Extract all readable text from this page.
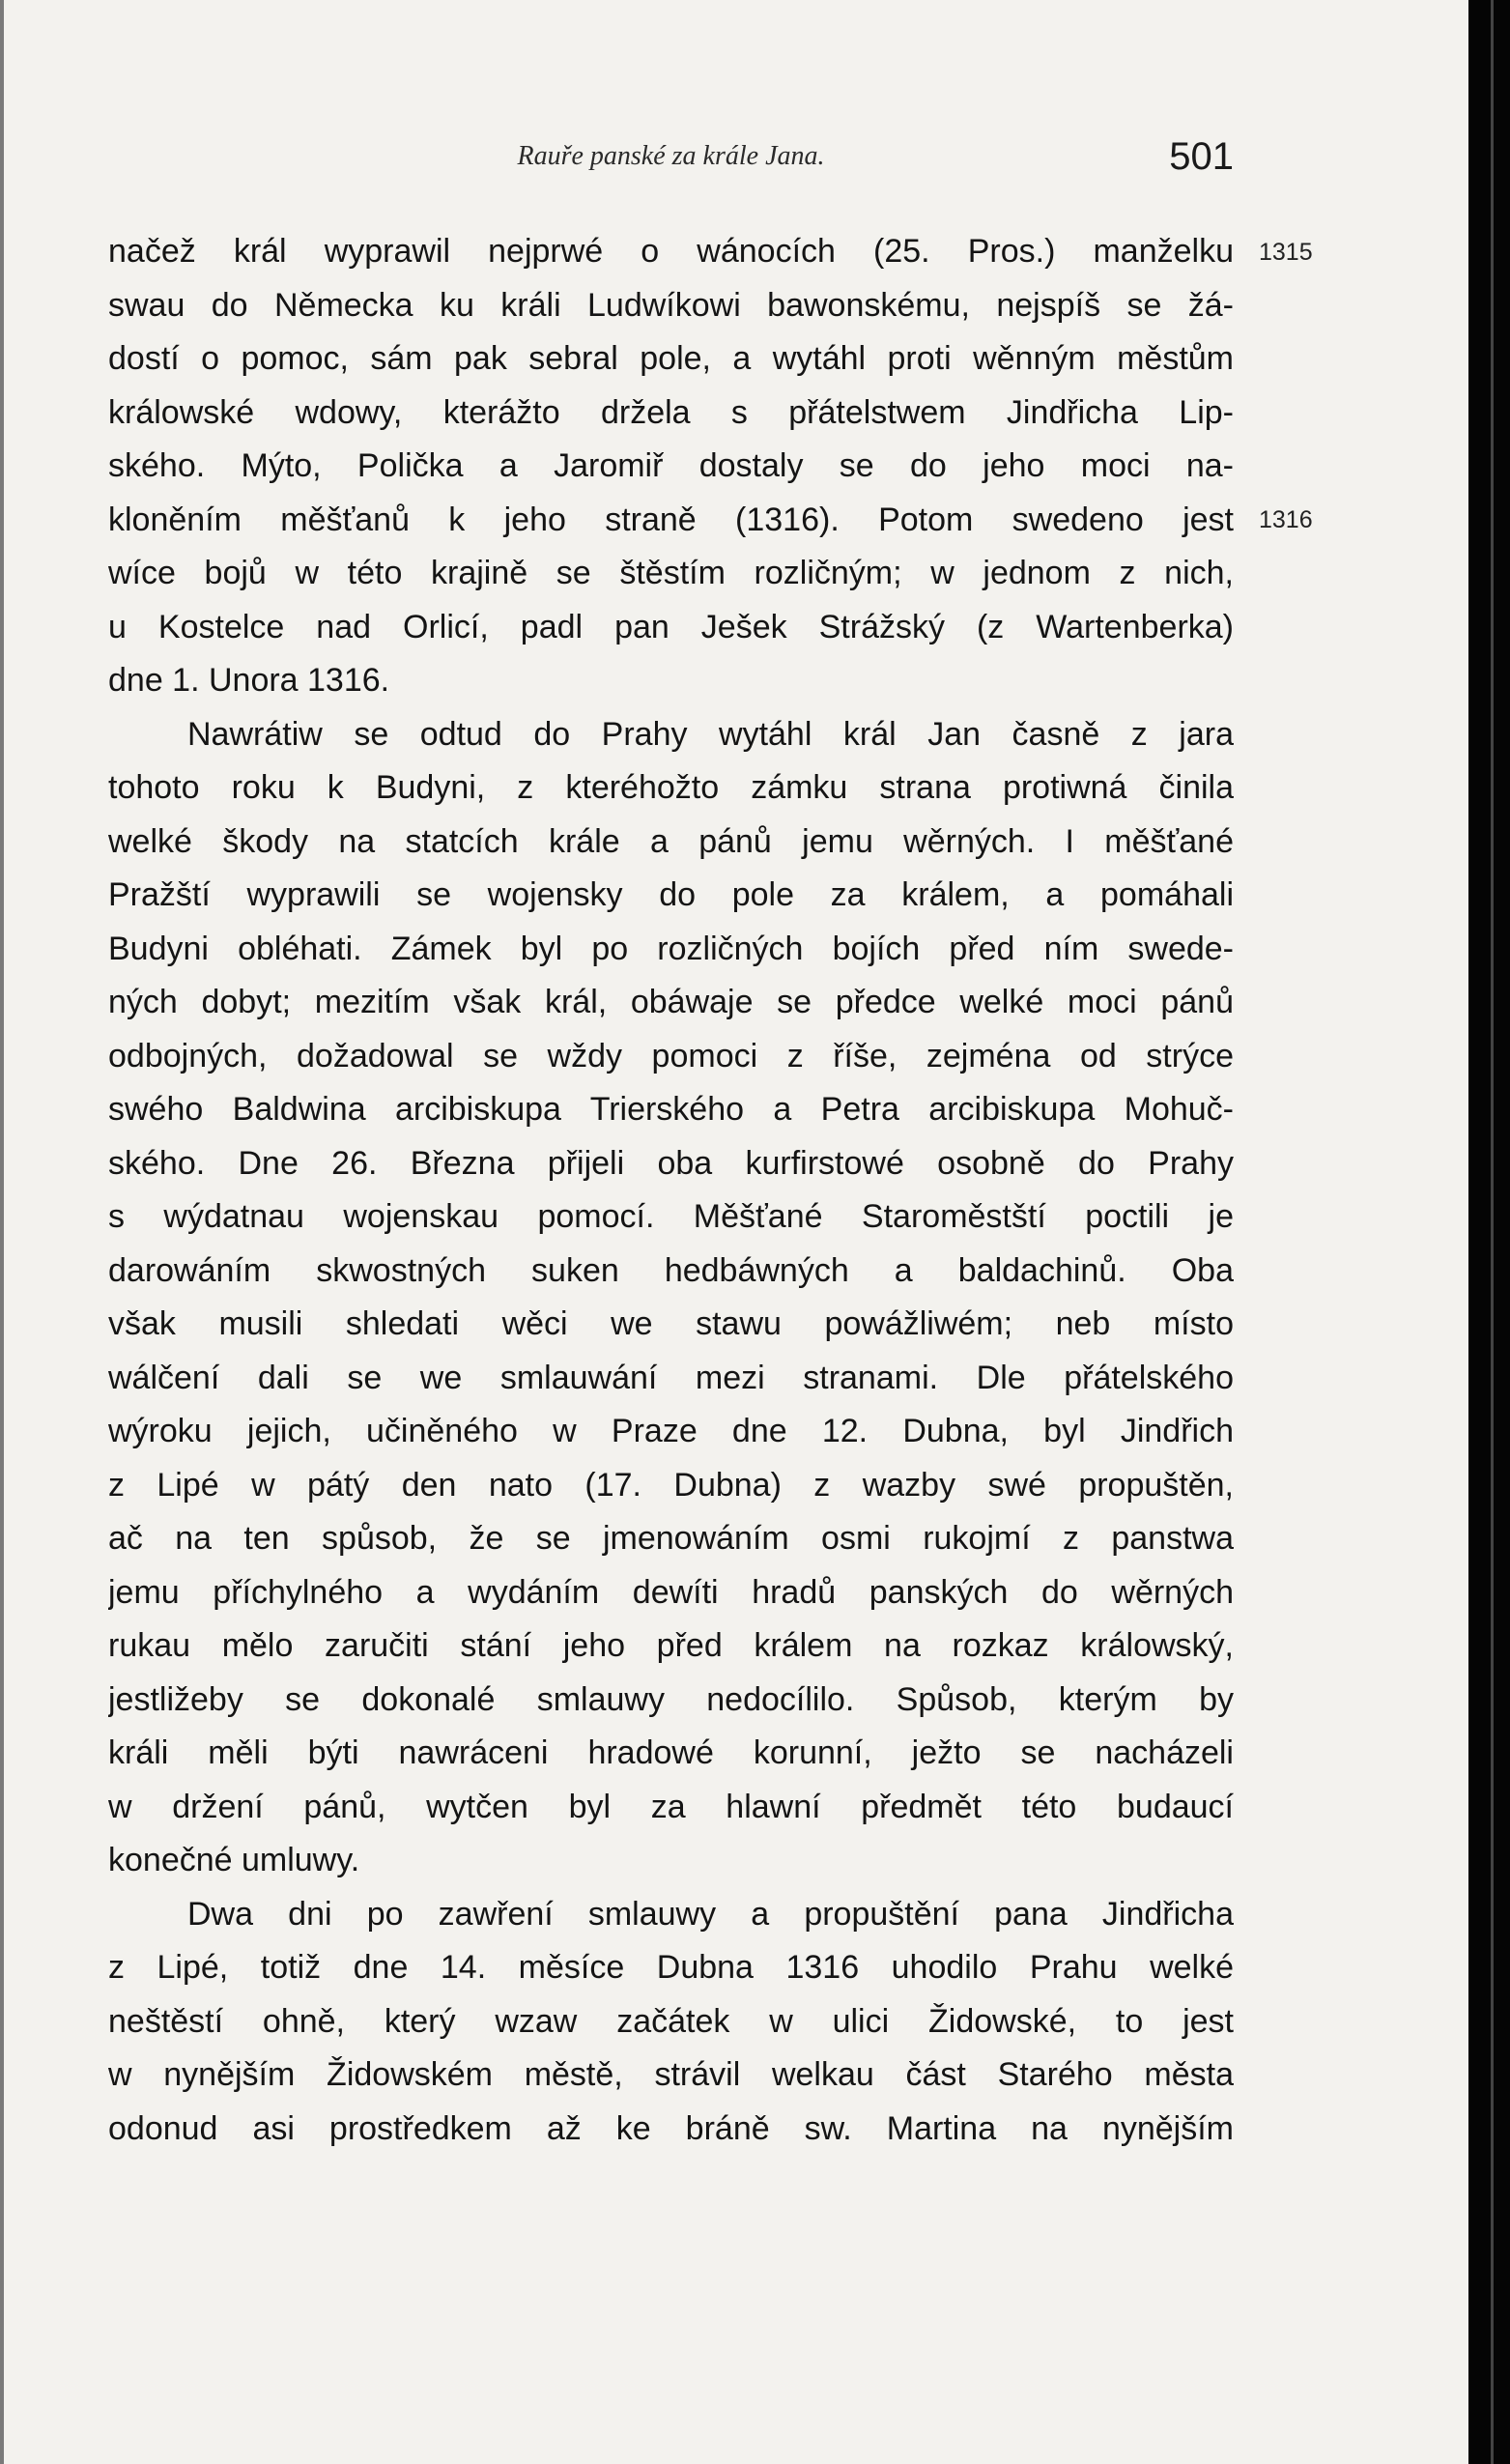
Rauře panské za krále Jana.	501
1315
1316
načež král wyprawil nejprwé o wánocích (25. Pros.) manželku
swau do Německa ku králi Ludwíkowi bawonskému, nejspíš se žá-
dostí o pomoc, sám pak sebral pole, a wytáhl proti wěnným městům
králowské wdowy, kterážto držela s přátelstwem Jindřicha Lip-
ského. Mýto, Polička a Jaromiř dostaly se do jeho moci na-
kloněním měšťanů k jeho straně (1316). Potom swedeno jest
wíce bojů w této krajině se štěstím rozličným; w jednom z nich,
u Kostelce nad Orlicí, padl pan Ješek Strážský (z Wartenberka)
dne 1. Unora 1316.
Nawrátiw se odtud do Prahy wytáhl král Jan časně z jara
tohoto roku k Budyni, z kteréhožto zámku strana protiwná činila
welké škody na statcích krále a pánů jemu wěrných. I měšťané
Pražští wyprawili se wojensky do pole za králem, a pomáhali
Budyni obléhati. Zámek byl po rozličných bojích před ním swede-
ných dobyt; mezitím však král, obáwaje se předce welké moci pánů
odbojných, dožadowal se wždy pomoci z říše, zejména od strýce
swého Baldwina arcibiskupa Trierského a Petra arcibiskupa Mohuč-
ského. Dne 26. Března přijeli oba kurfirstowé osobně do Prahy
s wýdatnau wojenskau pomocí. Měšťané Staroměstští poctili je
darowáním skwostných suken hedbáwných a baldachinů. Oba
však musili shledati wěci we stawu powážliwém; neb místo
wálčení dali se we smlauwání mezi stranami. Dle přátelského
wýroku jejich, učiněného w Praze dne 12. Dubna, byl Jindřich
z Lipé w pátý den nato (17. Dubna) z wazby swé propuštěn,
ač na ten spůsob, že se jmenowáním osmi rukojmí z panstwa
jemu příchylného a wydáním dewíti hradů panských do wěrných
rukau mělo zaručiti stání jeho před králem na rozkaz králowský,
jestližeby se dokonalé smlauwy nedocílilo. Spůsob, kterým by
králi měli býti nawráceni hradowé korunní, ježto se nacházeli
w držení pánů, wytčen byl za hlawní předmět této budaucí
konečné umluwy.
Dwa dni po zawření smlauwy a propuštění pana Jindřicha
z Lipé, totiž dne 14. měsíce Dubna 1316 uhodilo Prahu welké
neštěstí ohně, který wzaw začátek w ulici Židowské, to jest
w nynějším Židowském městě, strávil welkau část Starého města
odonud asi prostředkem až ke bráně sw. Martina na nynějším
